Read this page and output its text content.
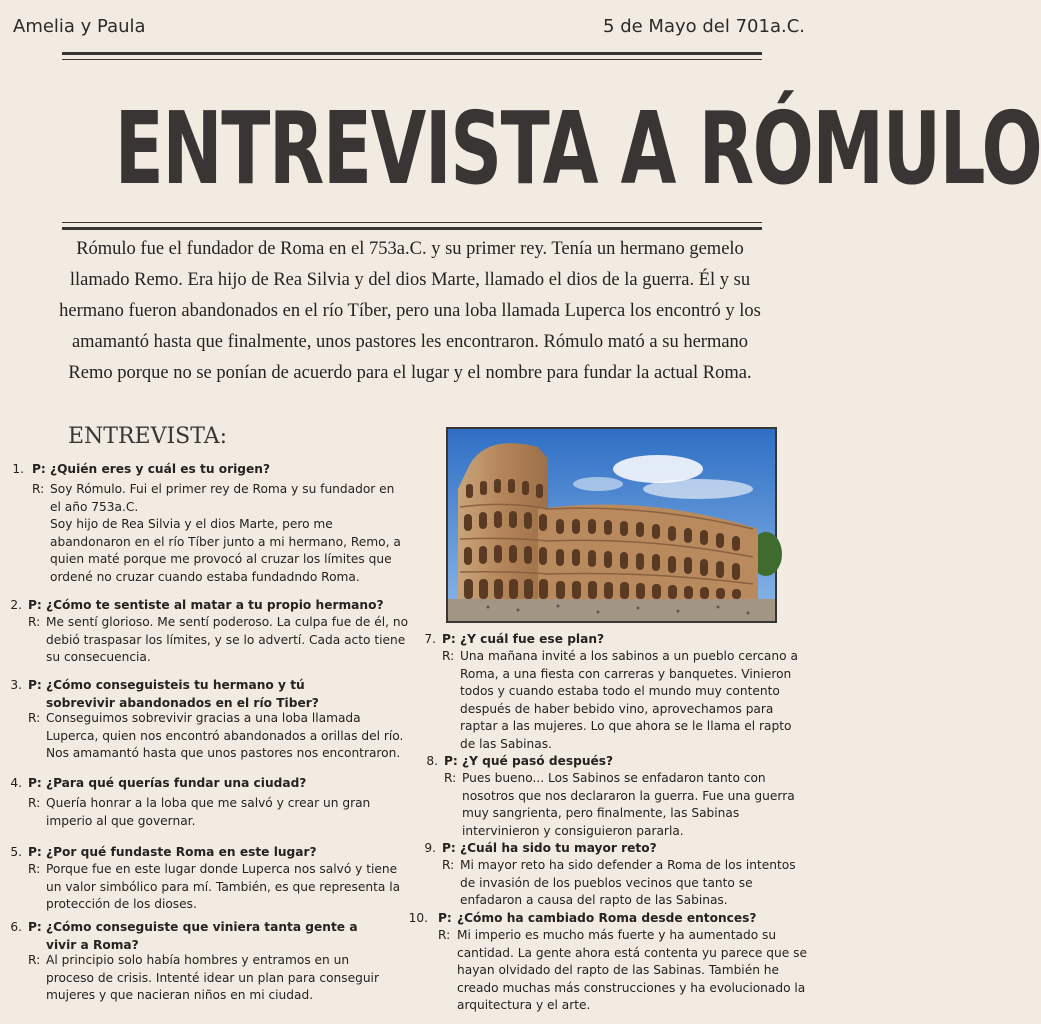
Amelia y Paula	5 de Mayo del 701a.C.
ENTREVISTA A RÓMULO

Rómulo fue el fundador de Roma en el 753a.C. y su primer rey. Tenía un hermano gemelo llamado Remo. Era hijo de Rea Silvia y del dios Marte, llamado el dios de la guerra. Él y su hermano fueron abandonados en el río Tíber, pero una loba llamada Luperca los encontró y los amamantó hasta que finalmente, unos pastores les encontraron. Rómulo mató a su hermano Remo porque no se ponían de acuerdo para el lugar y el nombre para fundar la actual Roma.

ENTREVISTA:
1. P: ¿Quién eres y cuál es tu origen?
R: Soy Rómulo. Fui el primer rey de Roma y su fundador en el año 753a.C.
Soy hijo de Rea Silvia y el dios Marte, pero me abandonaron en el río Tíber junto a mi hermano, Remo, a quien maté porque me provocó al cruzar los límites que ordené no cruzar cuando estaba fundadndo Roma.
2. P: ¿Cómo te sentiste al matar a tu propio hermano?
R: Me sentí glorioso. Me sentí poderoso. La culpa fue de él, no debió traspasar los límites, y se lo advertí. Cada acto tiene su consecuencia.
3. P: ¿Cómo conseguisteis tu hermano y tú sobrevivir abandonados en el río Tiber?
R: Conseguimos sobrevivir gracias a una loba llamada Luperca, quien nos encontró abandonados a orillas del río. Nos amamantó hasta que unos pastores nos encontraron.
4. P: ¿Para qué querías fundar una ciudad?
R: Quería honrar a la loba que me salvó y crear un gran imperio al que governar.
5. P: ¿Por qué fundaste Roma en este lugar?
R: Porque fue en este lugar donde Luperca nos salvó y tiene un valor simbólico para mí. También, es que representa la protección de los dioses.
6. P: ¿Cómo conseguiste que viniera tanta gente a vivir a Roma?
R: Al principio solo había hombres y entramos en un proceso de crisis. Intenté idear un plan para conseguir mujeres y que nacieran niños en mi ciudad.
7. P: ¿Y cuál fue ese plan?
R: Una mañana invité a los sabinos a un pueblo cercano a Roma, a una fiesta con carreras y banquetes. Vinieron todos y cuando estaba todo el mundo muy contento después de haber bebido vino, aprovechamos para raptar a las mujeres. Lo que ahora se le llama el rapto de las Sabinas.
8. P: ¿Y qué pasó después?
R: Pues bueno... Los Sabinos se enfadaron tanto con nosotros que nos declararon la guerra. Fue una guerra muy sangrienta, pero finalmente, las Sabinas intervinieron y consiguieron pararla.
9. P: ¿Cuál ha sido tu mayor reto?
R: Mi mayor reto ha sido defender a Roma de los intentos de invasión de los pueblos vecinos que tanto se enfadaron a causa del rapto de las Sabinas.
10. P: ¿Cómo ha cambiado Roma desde entonces?
R: Mi imperio es mucho más fuerte y ha aumentado su cantidad. La gente ahora está contenta yu parece que se hayan olvidado del rapto de las Sabinas. También he creado muchas más construcciones y ha evolucionado la arquitectura y el arte.
